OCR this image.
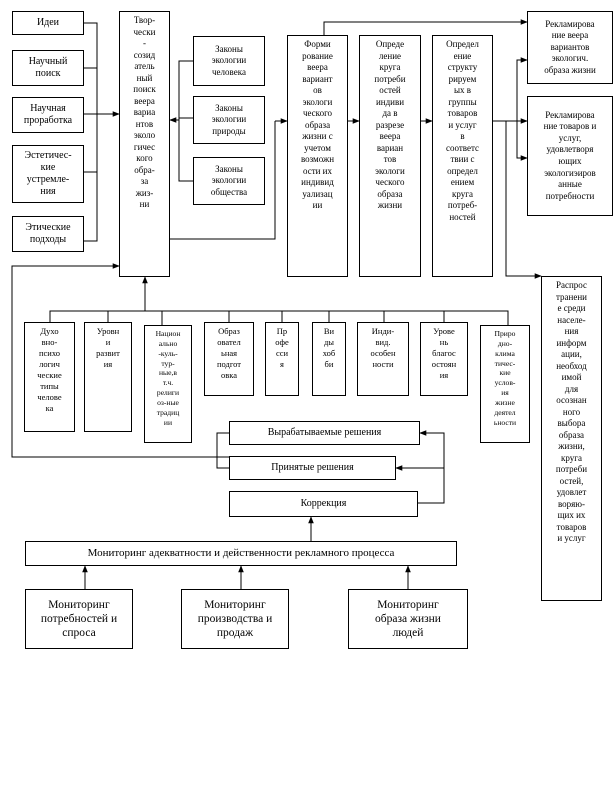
Идеи
Научный
поиск
Научная
проработка
Эстетичес-
кие
устремле-
ния
Этические
подходы
Твор-
чески
-
созид
атель
ный
поиск
веера
вариа
нтов
эколо
гичес
кого
обра-
за
жиз-
ни
Законы
экологии
человека
Законы
экологии
природы
Законы
экологии
общества
Форми
рование
веера
вариант
ов
экологи
ческого
образа
жизни с
учетом
возможн
ости их
индивид
уализац
ии
Опреде
ление
круга
потреби
остей
индиви
да в
разрезе
веера
вариан
тов
экологи
ческого
образа
жизни
Определ
ение
структу
рируем
ых в
группы
товаров
и услуг
в
соответс
твии с
определ
ением
круга
потреб-
ностей
Рекламирова
ние веера
вариантов
экологич.
образа жизни
Рекламирова
ние товаров и
услуг,
удовлетворя
ющих
экологиэиров
анные
потребности
Распрос
транени
е среди
населе-
ния
информ
ации,
необход
имой
для
осознан
ного
выбора
образа
жизни,
круга
потреби
остей,
удовлет
воряю-
щих их
товаров
и услуг
Духо
вно-
психо
логич
ческие
типы
челове
ка
Уровн
и
развит
ия
Национ
ально
-куль-
тур-
ные,в
т.ч.
религи
оз-ные
традиц
ии
Образ
овател
ьная
подгот
овка
Пр
офе
сси
я
Ви
ды
хоб
би
Инди-
вид.
особен
ности
Урове
нь
благос
остоян
ия
Приро
дно-
клима
тичес-
кие
услов-
ия
жизне
деятел
ьности
Вырабатываемые решения
Принятые решения
Коррекция
Мониторинг адекватности и действенности рекламного процесса
Мониторинг
потребностей и
спроса
Мониторинг
производства и
продаж
Мониторинг
образа жизни
людей
